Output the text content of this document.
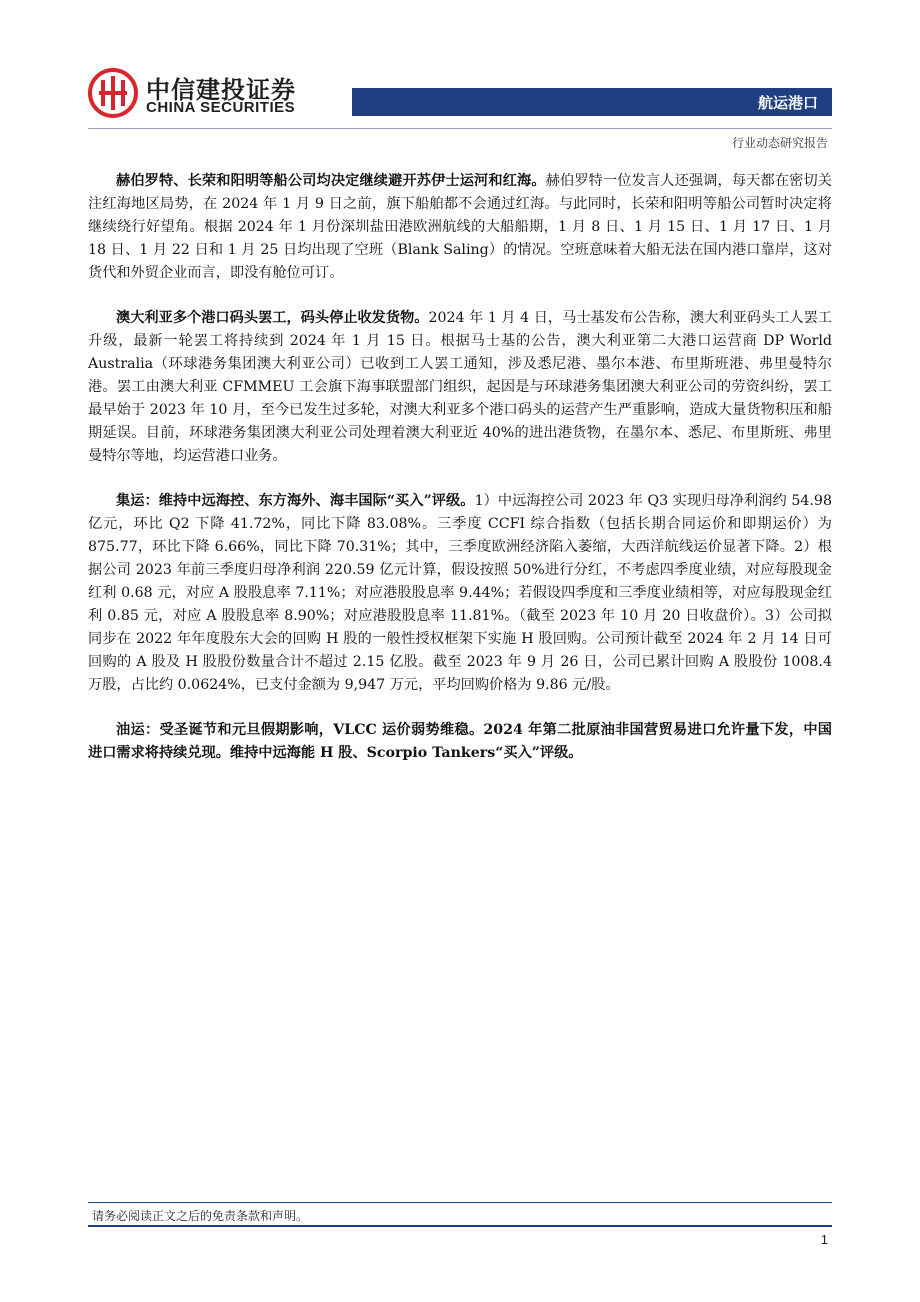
中信建投证券
CHINA SECURITIES	航运港口
行业动态研究报告

赫伯罗特、长荣和阳明等船公司均决定继续避开苏伊士运河和红海。赫伯罗特一位发言人还强调，每天都在密切关注红海地区局势，在 2024 年 1 月 9 日之前，旗下船舶都不会通过红海。与此同时，长荣和阳明等船公司暂时决定将继续绕行好望角。根据 2024 年 1 月份深圳盐田港欧洲航线的大船船期，1 月 8 日、1 月 15 日、1 月 17 日、1 月 18 日、1 月 22 日和 1 月 25 日均出现了空班（Blank Saling）的情况。空班意味着大船无法在国内港口靠岸，这对货代和外贸企业而言，即没有舱位可订。

澳大利亚多个港口码头罢工，码头停止收发货物。2024 年 1 月 4 日，马士基发布公告称，澳大利亚码头工人罢工升级，最新一轮罢工将持续到 2024 年 1 月 15 日。根据马士基的公告，澳大利亚第二大港口运营商 DP World Australia（环球港务集团澳大利亚公司）已收到工人罢工通知，涉及悉尼港、墨尔本港、布里斯班港、弗里曼特尔港。罢工由澳大利亚 CFMMEU 工会旗下海事联盟部门组织，起因是与环球港务集团澳大利亚公司的劳资纠纷，罢工最早始于 2023 年 10 月，至今已发生过多轮，对澳大利亚多个港口码头的运营产生严重影响，造成大量货物积压和船期延误。目前，环球港务集团澳大利亚公司处理着澳大利亚近 40%的进出港货物，在墨尔本、悉尼、布里斯班、弗里曼特尔等地，均运营港口业务。

集运：维持中远海控、东方海外、海丰国际“买入”评级。1）中远海控公司 2023 年 Q3 实现归母净利润约 54.98 亿元，环比 Q2 下降 41.72%，同比下降 83.08%。三季度 CCFI 综合指数（包括长期合同运价和即期运价）为 875.77，环比下降 6.66%，同比下降 70.31%；其中，三季度欧洲经济陷入萎缩，大西洋航线运价显著下降。2）根据公司 2023 年前三季度归母净利润 220.59 亿元计算，假设按照 50%进行分红，不考虑四季度业绩，对应每股现金红利 0.68 元，对应 A 股股息率 7.11%；对应港股股息率 9.44%；若假设四季度和三季度业绩相等，对应每股现金红利 0.85 元，对应 A 股股息率 8.90%；对应港股股息率 11.81%。（截至 2023 年 10 月 20 日收盘价）。3）公司拟同步在 2022 年年度股东大会的回购 H 股的一般性授权框架下实施 H 股回购。公司预计截至 2024 年 2 月 14 日可回购的 A 股及 H 股股份数量合计不超过 2.15 亿股。截至 2023 年 9 月 26 日，公司已累计回购 A 股股份 1008.4 万股，占比约 0.0624%，已支付金额为 9,947 万元，平均回购价格为 9.86 元/股。

油运：受圣诞节和元旦假期影响，VLCC 运价弱势维稳。2024 年第二批原油非国营贸易进口允许量下发，中国进口需求将持续兑现。维持中远海能 H 股、Scorpio Tankers“买入”评级。

请务必阅读正文之后的免责条款和声明。
1
